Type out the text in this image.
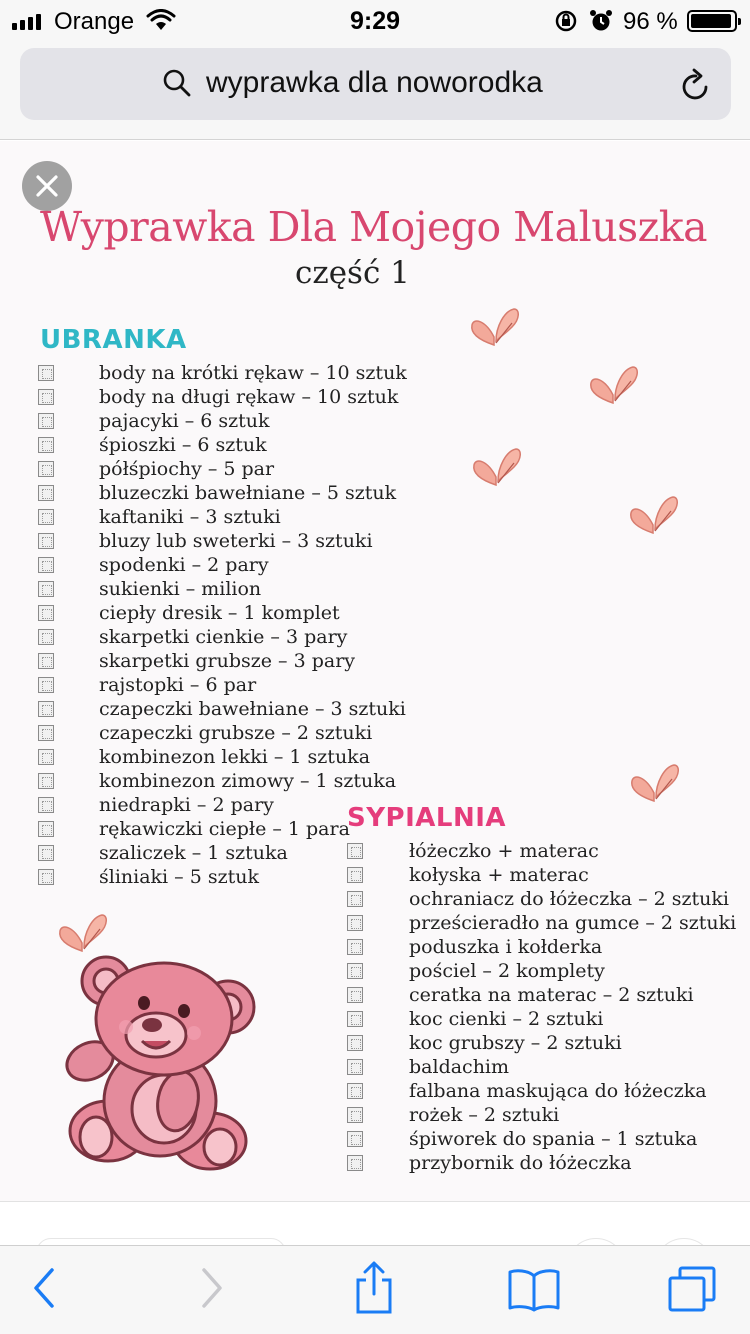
Orange	9:29	96 %
wyprawka dla noworodka
Wyprawka Dla Mojego Maluszka
część 1
UBRANKA
body na krótki rękaw – 10 sztuk
body na długi rękaw – 10 sztuk
pajacyki – 6 sztuk
śpioszki – 6 sztuk
półśpiochy – 5 par
bluzeczki bawełniane – 5 sztuk
kaftaniki – 3 sztuki
bluzy lub sweterki – 3 sztuki
spodenki – 2 pary
sukienki – milion
ciepły dresik – 1 komplet
skarpetki cienkie – 3 pary
skarpetki grubsze – 3 pary
rajstopki – 6 par
czapeczki bawełniane – 3 sztuki
czapeczki grubsze – 2 sztuki
kombinezon lekki – 1 sztuka
kombinezon zimowy – 1 sztuka
niedrapki – 2 pary
rękawiczki ciepłe – 1 para
szaliczek – 1 sztuka
śliniaki – 5 sztuk
SYPIALNIA
łóżeczko + materac
kołyska + materac
ochraniacz do łóżeczka – 2 sztuki
prześcieradło na gumce – 2 sztuki
poduszka i kołderka
pościel – 2 komplety
ceratka na materac – 2 sztuki
koc cienki – 2 sztuki
koc grubszy – 2 sztuki
baldachim
falbana maskująca do łóżeczka
rożek – 2 sztuki
śpiworek do spania – 1 sztuka
przybornik do łóżeczka
